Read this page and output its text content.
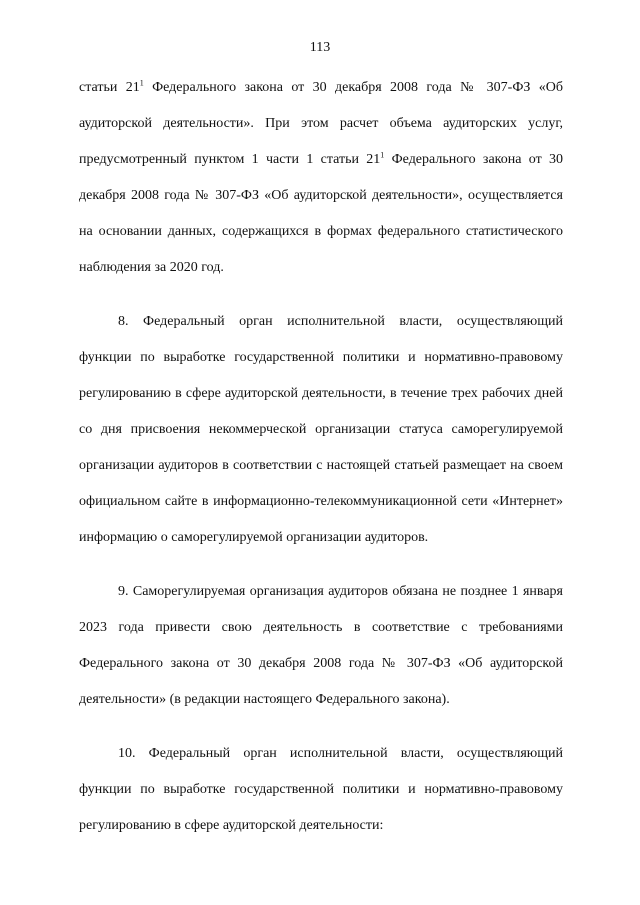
113

статьи $21^1$ Федерального закона от 30 декабря 2008 года № 307-ФЗ «Об аудиторской деятельности». При этом расчет объема аудиторских услуг, предусмотренный пунктом 1 части 1 статьи $21^1$ Федерального закона от 30 декабря 2008 года № 307-ФЗ «Об аудиторской деятельности», осуществляется на основании данных, содержащихся в формах федерального статистического наблюдения за 2020 год.

8. Федеральный орган исполнительной власти, осуществляющий функции по выработке государственной политики и нормативно-правовому регулированию в сфере аудиторской деятельности, в течение трех рабочих дней со дня присвоения некоммерческой организации статуса саморегулируемой организации аудиторов в соответствии с настоящей статьей размещает на своем официальном сайте в информационно-телекоммуникационной сети «Интернет» информацию о саморегулируемой организации аудиторов.

9. Саморегулируемая организация аудиторов обязана не позднее 1 января 2023 года привести свою деятельность в соответствие с требованиями Федерального закона от 30 декабря 2008 года № 307-ФЗ «Об аудиторской деятельности» (в редакции настоящего Федерального закона).

10. Федеральный орган исполнительной власти, осуществляющий функции по выработке государственной политики и нормативно-правовому регулированию в сфере аудиторской деятельности:
